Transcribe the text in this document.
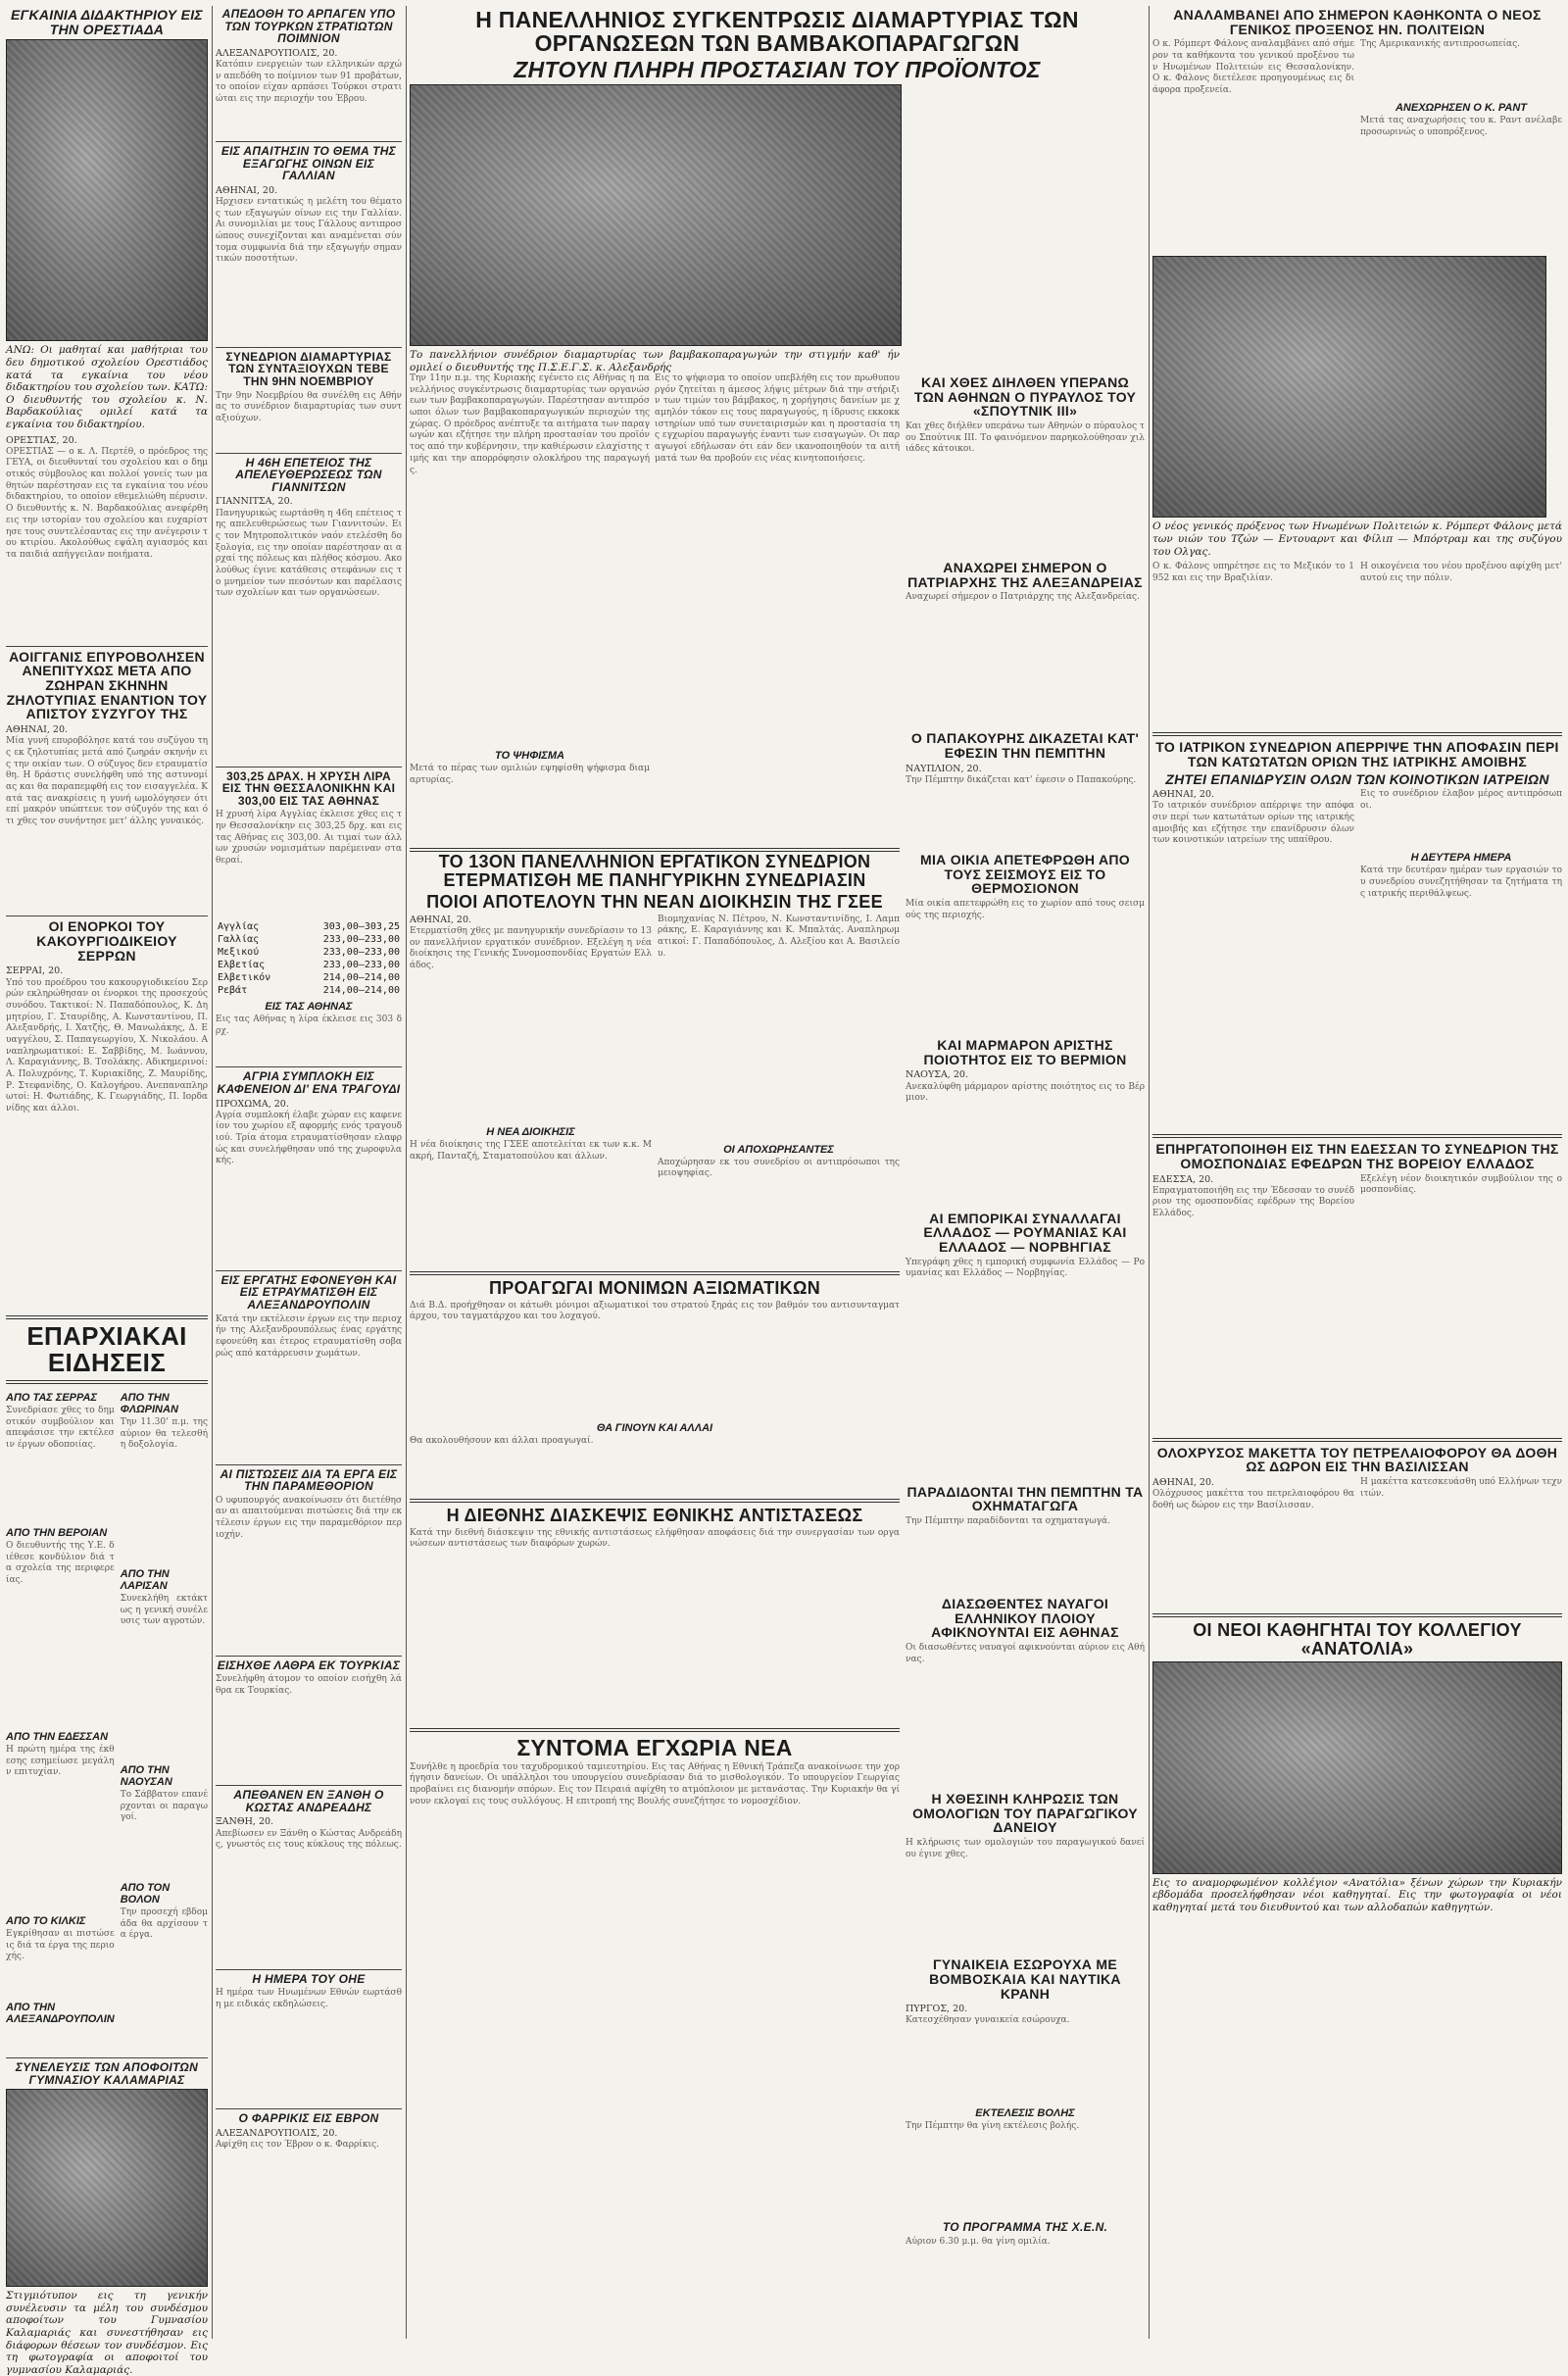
ΕΓΚΑΙΝΙΑ ΔΙΔΑΚΤΗΡΙΟΥ ΕΙΣ ΤΗΝ ΟΡΕΣΤΙΑΔΑ
ΑΝΩ: Οι μαθηταί και μαθήτριαι του δευ δημοτικού σχολείου Ορεστιάδος κατά τα εγκαίνια του νέου διδακτηρίου του σχολείου των. ΚΑΤΩ: Ο διευθυντής του σχολείου κ. Ν. Βαρδακούλιας ομιλεί κατά τα εγκαίνια του διδακτηρίου.
ΟΡΕΣΤΙΑΣ, 20.
ΟΡΕΣΤΙΑΣ — ο κ. Λ. Περτέθ, ο πρόεδρος της ΓΕΥΑ, οι διευθυνταί του σχολείου και ο δημοτικός σύμβουλος και πολλοί γονείς των μαθητών παρέστησαν εις τα εγκαίνια του νέου διδακτηρίου, το οποίον εθεμελιώθη πέρυσιν. Ο διευθυντής κ. Ν. Βαρδακούλιας ανεφέρθη εις την ιστορίαν του σχολείου και ευχαρίστησε τους συντελέσαντας εις την ανέγερσιν του κτιρίου. Ακολούθως εψάλη αγιασμός και τα παιδιά απήγγειλαν ποιήματα.
ΑΟΙΓΓΑΝΙΣ ΕΠΥΡΟΒΟΛΗΣΕΝ ΑΝΕΠΙΤΥΧΩΣ ΜΕΤΑ ΑΠΟ ΖΩΗΡΑΝ ΣΚΗΝΗΝ ΖΗΛΟΤΥΠΙΑΣ ΕΝΑΝΤΙΟΝ ΤΟΥ ΑΠΙΣΤΟΥ ΣΥΖΥΓΟΥ ΤΗΣ
ΑΘΗΝΑΙ, 20.
Μία γυνή επυροβόλησε κατά του συζύγου της εκ ζηλοτυπίας μετά από ζωηράν σκηνήν εις την οικίαν των. Ο σύζυγος δεν ετραυματίσθη. Η δράστις συνελήφθη υπό της αστυνομίας και θα παραπεμφθή εις τον εισαγγελέα. Κατά τας ανακρίσεις η γυνή ωμολόγησεν ότι επί μακρόν υπώπτευε τον σύζυγόν της και ότι χθες τον συνήντησε μετ' άλλης γυναικός.
ΟΙ ΕΝΟΡΚΟΙ ΤΟΥ ΚΑΚΟΥΡΓΙΟΔΙΚΕΙΟΥ ΣΕΡΡΩΝ
ΣΕΡΡΑΙ, 20.
Υπό του προέδρου του κακουργιοδικείου Σερρών εκληρώθησαν οι ένορκοι της προσεχούς συνόδου. Τακτικοί: Ν. Παπαδόπουλος, Κ. Δημητρίου, Γ. Σταυρίδης, Α. Κωνσταντίνου, Π. Αλεξανδρής, Ι. Χατζής, Θ. Μανωλάκης, Δ. Ευαγγέλου, Σ. Παπαγεωργίου, Χ. Νικολάου. Αναπληρωματικοί: Ε. Σαββίδης, Μ. Ιωάννου, Λ. Καραγιάννης, Β. Τσολάκης. Αδικημερινοί: Α. Πολυχρόνης, Τ. Κυριακίδης, Ζ. Μαυρίδης, Ρ. Στεφανίδης, Ο. Καλογήρου. Ανεπαναπληρωτοί: Η. Φωτιάδης, Κ. Γεωργιάδης, Π. Ιορδανίδης και άλλοι.
ΕΠΑΡΧΙΑΚΑΙ ΕΙΔΗΣΕΙΣ
ΑΠΟ ΤΑΣ ΣΕΡΡΑΣ
Συνεδρίασε χθες το δημοτικόν συμβούλιον και απεφάσισε την εκτέλεσιν έργων οδοποιίας.
ΑΠΟ ΤΗΝ ΒΕΡΟΙΑΝ
Ο διευθυντής της Υ.Ε. διέθεσε κονδύλιον διά τα σχολεία της περιφερείας.
ΑΠΟ ΤΗΝ ΕΔΕΣΣΑΝ
Η πρώτη ημέρα της έκθεσης εσημείωσε μεγάλην επιτυχίαν.
ΑΠΟ ΤΟ ΚΙΛΚΙΣ
Εγκρίθησαν αι πιστώσεις διά τα έργα της περιοχής.
ΑΠΟ ΤΗΝ ΑΛΕΞΑΝΔΡΟΥΠΟΛΙΝ
ΑΠΟ ΤΗΝ ΦΛΩΡΙΝΑΝ
Την 11.30' π.μ. της αύριον θα τελεσθή η δοξολογία.
ΑΠΟ ΤΗΝ ΛΑΡΙΣΑΝ
Συνεκλήθη εκτάκτως η γενική συνέλευσις των αγροτών.
ΑΠΟ ΤΗΝ ΝΑΟΥΣΑΝ
Το Σάββατον επανέρχονται οι παραγωγοί.
ΑΠΟ ΤΟΝ ΒΟΛΟΝ
Την προσεχή εβδομάδα θα αρχίσουν τα έργα.
ΣΥΝΕΛΕΥΣΙΣ ΤΩΝ ΑΠΟΦΟΙΤΩΝ ΓΥΜΝΑΣΙΟΥ ΚΑΛΑΜΑΡΙΑΣ
Στιγμιότυπον εις τη γενικήν συνέλευσιν τα μέλη του συνδέσμου αποφοίτων του Γυμνασίου Καλαμαριάς και συνεστήθησαν εις διάφορων θέσεων τον συνδέσμον. Εις τη φωτογραφία οι αποφοιτοί του γυμνασίου Καλαμαριάς.
ΑΠΕΔΟΘΗ ΤΟ ΑΡΠΑΓΕΝ ΥΠΟ ΤΩΝ ΤΟΥΡΚΩΝ ΣΤΡΑΤΙΩΤΩΝ ΠΟΙΜΝΙΟΝ
ΑΛΕΞΑΝΔΡΟΥΠΟΛΙΣ, 20.
Κατόπιν ενεργειών των ελληνικών αρχών απεδόθη το ποίμνιον των 91 προβάτων, το οποίον είχαν αρπάσει Τούρκοι στρατιώται εις την περιοχήν του Έβρου.
ΕΙΣ ΑΠΑΙΤΗΣΙΝ ΤΟ ΘΕΜΑ ΤΗΣ ΕΞΑΓΩΓΗΣ ΟΙΝΩΝ ΕΙΣ ΓΑΛΛΙΑΝ
ΑΘΗΝΑΙ, 20.
Ηρχισεν εντατικώς η μελέτη του θέματος των εξαγωγών οίνων εις την Γαλλίαν. Αι συνομιλίαι με τους Γάλλους αντιπροσώπους συνεχίζονται και αναμένεται σύντομα συμφωνία διά την εξαγωγήν σημαντικών ποσοτήτων.
ΣΥΝΕΔΡΙΟΝ ΔΙΑΜΑΡΤΥΡΙΑΣ ΤΩΝ ΣΥΝΤΑΞΙΟΥΧΩΝ ΤΕΒΕ ΤΗΝ 9ΗΝ ΝΟΕΜΒΡΙΟΥ
Την 9ην Νοεμβρίου θα συνέλθη εις Αθήνας το συνέδριον διαμαρτυρίας των συνταξιούχων.
Η 46Η ΕΠΕΤΕΙΟΣ ΤΗΣ ΑΠΕΛΕΥΘΕΡΩΣΕΩΣ ΤΩΝ ΓΙΑΝΝΙΤΣΩΝ
ΓΙΑΝΝΙΤΣΑ, 20.
Πανηγυρικώς εωρτάσθη η 46η επέτειος της απελευθερώσεως των Γιαννιτσών. Εις τον Μητροπολιτικόν ναόν ετελέσθη δοξολογία, εις την οποίαν παρέστησαν αι αρχαί της πόλεως και πλήθος κόσμου. Ακολούθως έγινε κατάθεσις στεφάνων εις το μνημείον των πεσόντων και παρέλασις των σχολείων και των οργανώσεων.
303,25 ΔΡΑΧ. Η ΧΡΥΣΗ ΛΙΡΑ ΕΙΣ ΤΗΝ ΘΕΣΣΑΛΟΝΙΚΗΝ ΚΑΙ 303,00 ΕΙΣ ΤΑΣ ΑΘΗΝΑΣ
Η χρυσή λίρα Αγγλίας έκλεισε χθες εις την Θεσσαλονίκην εις 303,25 δρχ. και εις τας Αθήνας εις 303,00. Αι τιμαί των άλλων χρυσών νομισμάτων παρέμειναν σταθεραί.
Αγγλίας	303,00—303,25
Γαλλίας	233,00—233,00
Μεξικού	233,00—233,00
Ελβετίας	233,00—233,00
Ελβετικόν	214,00—214,00
Ρεβάτ	214,00—214,00
ΕΙΣ ΤΑΣ ΑΘΗΝΑΣ
Εις τας Αθήνας η λίρα έκλεισε εις 303 δρχ.
ΑΓΡΙΑ ΣΥΜΠΛΟΚΗ ΕΙΣ ΚΑΦΕΝΕΙΟΝ ΔΙ' ΕΝΑ ΤΡΑΓΟΥΔΙ
ΠΡΟΧΩΜΑ, 20.
Αγρία συμπλοκή έλαβε χώραν εις καφενείον του χωρίου εξ αφορμής ενός τραγουδιού. Τρία άτομα ετραυματίσθησαν ελαφρώς και συνελήφθησαν υπό της χωροφυλακής.
ΕΙΣ ΕΡΓΑΤΗΣ ΕΦΟΝΕΥΘΗ ΚΑΙ ΕΙΣ ΕΤΡΑΥΜΑΤΙΣΘΗ ΕΙΣ ΑΛΕΞΑΝΔΡΟΥΠΟΛΙΝ
Κατά την εκτέλεσιν έργων εις την περιοχήν της Αλεξανδρουπόλεως ένας εργάτης εφονεύθη και έτερος ετραυματίσθη σοβαρώς από κατάρρευσιν χωμάτων.
ΑΙ ΠΙΣΤΩΣΕΙΣ ΔΙΑ ΤΑ ΕΡΓΑ ΕΙΣ ΤΗΝ ΠΑΡΑΜΕΘΟΡΙΟΝ
Ο υφυπουργός ανακοίνωσεν ότι διετέθησαν αι απαιτούμεναι πιστώσεις διά την εκτέλεσιν έργων εις την παραμεθόριον περιοχήν.
ΕΙΣΗΧΘΕ ΛΑΘΡΑ ΕΚ ΤΟΥΡΚΙΑΣ
Συνελήφθη άτομον το οποίον εισήχθη λάθρα εκ Τουρκίας.
ΑΠΕΘΑΝΕΝ ΕΝ ΞΑΝΘΗ Ο ΚΩΣΤΑΣ ΑΝΔΡΕΑΔΗΣ
ΞΑΝΘΗ, 20.
Απεβίωσεν εν Ξάνθη ο Κώστας Ανδρεάδης, γνωστός εις τους κύκλους της πόλεως.
Η ΗΜΕΡΑ ΤΟΥ ΟΗΕ
Η ημέρα των Ηνωμένων Εθνών εωρτάσθη με ειδικάς εκδηλώσεις.
Ο ΦΑΡΡΙΚΙΣ ΕΙΣ ΕΒΡΟΝ
ΑΛΕΞΑΝΔΡΟΥΠΟΛΙΣ, 20.
Αφίχθη εις τον Έβρον ο κ. Φαρρίκις.
Η ΠΑΝΕΛΛΗΝΙΟΣ ΣΥΓΚΕΝΤΡΩΣΙΣ ΔΙΑΜΑΡΤΥΡΙΑΣ ΤΩΝ ΟΡΓΑΝΩΣΕΩΝ ΤΩΝ ΒΑΜΒΑΚΟΠΑΡΑΓΩΓΩΝ
ΖΗΤΟΥΝ ΠΛΗΡΗ ΠΡΟΣΤΑΣΙΑΝ ΤΟΥ ΠΡΟΪΟΝΤΟΣ
Το πανελλήνιον συνέδριον διαμαρτυρίας των βαμβακοπαραγωγών την στιγμήν καθ' ήν ομιλεί ο διευθυντής της Π.Σ.Ε.Γ.Σ. κ. Αλεξανδρής
Την 11ην π.μ. της Κυριακής εγένετο εις Αθήνας η πανελλήνιος συγκέντρωσις διαμαρτυρίας των οργανώσεων των βαμβακοπαραγωγών. Παρέστησαν αντιπρόσωποι όλων των βαμβακοπαραγωγικών περιοχών της χώρας. Ο πρόεδρος ανέπτυξε τα αιτήματα των παραγωγών και εζήτησε την πλήρη προστασίαν του προϊόντος από την κυβέρνησιν, την καθιέρωσιν ελαχίστης τιμής και την απορρόφησιν ολοκλήρου της παραγωγής.
ΤΟ ΨΗΦΙΣΜΑ
Μετά το πέρας των ομιλιών εψηφίσθη ψήφισμα διαμαρτυρίας.
Εις το ψήφισμα το οποίον υπεβλήθη εις τον πρωθυπουργόν ζητείται η άμεσος λήψις μέτρων διά την στήριξιν των τιμών του βάμβακος, η χορήγησις δανείων με χαμηλόν τόκον εις τους παραγωγούς, η ίδρυσις εκκοκκιστηρίων υπό των συνεταιρισμών και η προστασία της εγχωρίου παραγωγής έναντι των εισαγωγών. Οι παραγωγοί εδήλωσαν ότι εάν δεν ικανοποιηθούν τα αιτήματά των θα προβούν εις νέας κινητοποιήσεις.
ΚΑΙ ΧΘΕΣ ΔΙΗΛΘΕΝ ΥΠΕΡΑΝΩ ΤΩΝ ΑΘΗΝΩΝ Ο ΠΥΡΑΥΛΟΣ ΤΟΥ «ΣΠΟΥΤΝΙΚ ΙΙΙ»
Και χθες διήλθεν υπεράνω των Αθηνών ο πύραυλος του Σπούτνικ ΙΙΙ. Το φαινόμενον παρηκολούθησαν χιλιάδες κάτοικοι.
ΑΝΑΧΩΡΕΙ ΣΗΜΕΡΟΝ Ο ΠΑΤΡΙΑΡΧΗΣ ΤΗΣ ΑΛΕΞΑΝΔΡΕΙΑΣ
Αναχωρεί σήμερον ο Πατριάρχης της Αλεξανδρείας.
Ο ΠΑΠΑΚΟΥΡΗΣ ΔΙΚΑΖΕΤΑΙ ΚΑΤ' ΕΦΕΣΙΝ ΤΗΝ ΠΕΜΠΤΗΝ
ΝΑΥΠΛΙΟΝ, 20.
Την Πέμπτην δικάζεται κατ' έφεσιν ο Παπακούρης.
ΤΟ 13ΟΝ ΠΑΝΕΛΛΗΝΙΟΝ ΕΡΓΑΤΙΚΟΝ ΣΥΝΕΔΡΙΟΝ ΕΤΕΡΜΑΤΙΣΘΗ ΜΕ ΠΑΝΗΓΥΡΙΚΗΝ ΣΥΝΕΔΡΙΑΣΙΝ
ΠΟΙΟΙ ΑΠΟΤΕΛΟΥΝ ΤΗΝ ΝΕΑΝ ΔΙΟΙΚΗΣΙΝ ΤΗΣ ΓΣΕΕ
ΑΘΗΝΑΙ, 20.
Ετερματίσθη χθες με πανηγυρικήν συνεδρίασιν το 13ον πανελλήνιον εργατικόν συνέδριον. Εξελέγη η νέα διοίκησις της Γενικής Συνομοσπονδίας Εργατών Ελλάδος.
Η ΝΕΑ ΔΙΟΙΚΗΣΙΣ
Η νέα διοίκησις της ΓΣΕΕ αποτελείται εκ των κ.κ. Μακρή, Πανταζή, Σταματοπούλου και άλλων.
Βιομηχανίας Ν. Πέτρου, Ν. Κωνσταντινίδης, Ι. Λαμπράκης, Ε. Καραγιάννης και Κ. Μπαλτάς. Αναπληρωματικοί: Γ. Παπαδόπουλος, Δ. Αλεξίου και Α. Βασιλείου.
ΟΙ ΑΠΟΧΩΡΗΣΑΝΤΕΣ
Αποχώρησαν εκ του συνεδρίου οι αντιπρόσωποι της μειοψηφίας.
ΠΡΟΑΓΩΓΑΙ ΜΟΝΙΜΩΝ ΑΞΙΩΜΑΤΙΚΩΝ
Διά Β.Δ. προήχθησαν οι κάτωθι μόνιμοι αξιωματικοί του στρατού ξηράς εις τον βαθμόν του αντισυνταγματάρχου, του ταγματάρχου και του λοχαγού.
ΘΑ ΓΙΝΟΥΝ ΚΑΙ ΑΛΛΑΙ
Θα ακολουθήσουν και άλλαι προαγωγαί.
Η ΔΙΕΘΝΗΣ ΔΙΑΣΚΕΨΙΣ ΕΘΝΙΚΗΣ ΑΝΤΙΣΤΑΣΕΩΣ
Κατά την διεθνή διάσκεψιν της εθνικής αντιστάσεως ελήφθησαν αποφάσεις διά την συνεργασίαν των οργανώσεων αντιστάσεως των διαφόρων χωρών.
ΣΥΝΤΟΜΑ ΕΓΧΩΡΙΑ ΝΕΑ
Συνήλθε η προεδρία του ταχυδρομικού ταμιευτηρίου. Εις τας Αθήνας η Εθνική Τράπεζα ανακοίνωσε την χορήγησιν δανείων. Οι υπάλληλοι του υπουργείου συνεδρίασαν διά το μισθολογικόν. Το υπουργείον Γεωργίας προβαίνει εις διανομήν σπόρων. Εις τον Πειραιά αφίχθη το ατμόπλοιον με μετανάστας. Την Κυριακήν θα γίνουν εκλογαί εις τους συλλόγους. Η επιτροπή της Βουλής συνεζήτησε το νομοσχέδιον.
ΜΙΑ ΟΙΚΙΑ ΑΠΕΤΕΦΡΩΘΗ ΑΠΟ ΤΟΥΣ ΣΕΙΣΜΟΥΣ ΕΙΣ ΤΟ ΘΕΡΜΟΣΙΟΝΟΝ
Μία οικία απετεφρώθη εις το χωρίον από τους σεισμούς της περιοχής.
ΚΑΙ ΜΑΡΜΑΡΟΝ ΑΡΙΣΤΗΣ ΠΟΙΟΤΗΤΟΣ ΕΙΣ ΤΟ ΒΕΡΜΙΟΝ
ΝΑΟΥΣΑ, 20.
Ανεκαλύφθη μάρμαρον αρίστης ποιότητος εις το Βέρμιον.
ΑΙ ΕΜΠΟΡΙΚΑΙ ΣΥΝΑΛΛΑΓΑΙ ΕΛΛΑΔΟΣ — ΡΟΥΜΑΝΙΑΣ ΚΑΙ ΕΛΛΑΔΟΣ — ΝΟΡΒΗΓΙΑΣ
Υπεγράφη χθες η εμπορική συμφωνία Ελλάδος — Ρουμανίας και Ελλάδος — Νορβηγίας.
ΠΑΡΑΔΙΔΟΝΤΑΙ ΤΗΝ ΠΕΜΠΤΗΝ ΤΑ ΟΧΗΜΑΤΑΓΩΓΑ
Την Πέμπτην παραδίδονται τα οχηματαγωγά.
ΔΙΑΣΩΘΕΝΤΕΣ ΝΑΥΑΓΟΙ ΕΛΛΗΝΙΚΟΥ ΠΛΟΙΟΥ ΑΦΙΚΝΟΥΝΤΑΙ ΕΙΣ ΑΘΗΝΑΣ
Οι διασωθέντες ναυαγοί αφικνούνται αύριον εις Αθήνας.
Η ΧΘΕΣΙΝΗ ΚΛΗΡΩΣΙΣ ΤΩΝ ΟΜΟΛΟΓΙΩΝ ΤΟΥ ΠΑΡΑΓΩΓΙΚΟΥ ΔΑΝΕΙΟΥ
Η κλήρωσις των ομολογιών του παραγωγικού δανείου έγινε χθες.
ΓΥΝΑΙΚΕΙΑ ΕΣΩΡΟΥΧΑ ΜΕ ΒΟΜΒΟΣΚΑΙΑ ΚΑΙ ΝΑΥΤΙΚΑ ΚΡΑΝΗ
ΠΥΡΓΟΣ, 20.
Κατεσχέθησαν γυναικεία εσώρουχα.
ΕΚΤΕΛΕΣΙΣ ΒΟΛΗΣ
Την Πέμπτην θα γίνη εκτέλεσις βολής.
ΤΟ ΠΡΟΓΡΑΜΜΑ ΤΗΣ Χ.Ε.Ν.
Αύριον 6.30 μ.μ. θα γίνη ομιλία.
ΑΝΑΛΑΜΒΑΝΕΙ ΑΠΟ ΣΗΜΕΡΟΝ ΚΑΘΗΚΟΝΤΑ Ο ΝΕΟΣ ΓΕΝΙΚΟΣ ΠΡΟΞΕΝΟΣ ΗΝ. ΠΟΛΙΤΕΙΩΝ
Ο κ. Ρόμπερτ Φάλονς αναλαμβάνει από σήμερον τα καθήκοντα του γενικού προξένου των Ηνωμένων Πολιτειών εις Θεσσαλονίκην. Ο κ. Φάλονς διετέλεσε προηγουμένως εις διάφορα προξενεία.
Της Αμερικανικής αντιπροσωπείας.
ΑΝΕΧΩΡΗΣΕΝ Ο Κ. ΡΑΝΤ
Μετά τας αναχωρήσεις του κ. Ραντ ανέλαβε προσωρινώς ο υποπρόξενος.
Ο νέος γενικός πρόξενος των Ηνωμένων Πολιτειών κ. Ρόμπερτ Φάλονς μετά των υιών του Τζών — Εντουαρντ και Φίλιπ — Μπόρτραμ και της συζύγου του Ολγας.
Ο κ. Φάλονς υπηρέτησε εις το Μεξικόν το 1952 και εις την Βραζιλίαν.
Η οικογένεια του νέου προξένου αφίχθη μετ' αυτού εις την πόλιν.
ΤΟ ΙΑΤΡΙΚΟΝ ΣΥΝΕΔΡΙΟΝ ΑΠΕΡΡΙΨΕ ΤΗΝ ΑΠΟΦΑΣΙΝ ΠΕΡΙ ΤΩΝ ΚΑΤΩΤΑΤΩΝ ΟΡΙΩΝ ΤΗΣ ΙΑΤΡΙΚΗΣ ΑΜΟΙΒΗΣ
ΖΗΤΕΙ ΕΠΑΝΙΔΡΥΣΙΝ ΟΛΩΝ ΤΩΝ ΚΟΙΝΟΤΙΚΩΝ ΙΑΤΡΕΙΩΝ
ΑΘΗΝΑΙ, 20.
Το ιατρικόν συνέδριον απέρριψε την απόφασιν περί των κατωτάτων ορίων της ιατρικής αμοιβής και εζήτησε την επανίδρυσιν όλων των κοινοτικών ιατρείων της υπαίθρου.
Εις το συνέδριον έλαβον μέρος αντιπρόσωποι.
Η ΔΕΥΤΕΡΑ ΗΜΕΡΑ
Κατά την δευτέραν ημέραν των εργασιών του συνεδρίου συνεζητήθησαν τα ζητήματα της ιατρικής περιθάλψεως.
ΕΠΗΡΓΑΤΟΠΟΙΗΘΗ ΕΙΣ ΤΗΝ ΕΔΕΣΣΑΝ ΤΟ ΣΥΝΕΔΡΙΟΝ ΤΗΣ ΟΜΟΣΠΟΝΔΙΑΣ ΕΦΕΔΡΩΝ ΤΗΣ ΒΟΡΕΙΟΥ ΕΛΛΑΔΟΣ
ΕΔΕΣΣΑ, 20.
Επραγματοποιήθη εις την Έδεσσαν το συνέδριον της ομοσπονδίας εφέδρων της Βορείου Ελλάδος.
Εξελέγη νέον διοικητικόν συμβούλιον της ομοσπονδίας.
ΟΛΟΧΡΥΣΟΣ ΜΑΚΕΤΤΑ ΤΟΥ ΠΕΤΡΕΛΑΙΟΦΟΡΟΥ ΘΑ ΔΟΘΗ ΩΣ ΔΩΡΟΝ ΕΙΣ ΤΗΝ ΒΑΣΙΛΙΣΣΑΝ
ΑΘΗΝΑΙ, 20.
Ολόχρυσος μακέττα του πετρελαιοφόρου θα δοθή ως δώρον εις την Βασίλισσαν.
Η μακέττα κατεσκευάσθη υπό Ελλήνων τεχνιτών.
ΟΙ ΝΕΟΙ ΚΑΘΗΓΗΤΑΙ ΤΟΥ ΚΟΛΛΕΓΙΟΥ «ΑΝΑΤΟΛΙΑ»
Εις το αναμορφωμένον κολλέγιον «Ανατόλια» ξένων χώρων την Κυριακήν εβδομάδα προσελήφθησαν νέοι καθηγηταί. Εις την φωτογραφία οι νέοι καθηγηταί μετά του διευθυντού και των αλλοδαπών καθηγητών.
